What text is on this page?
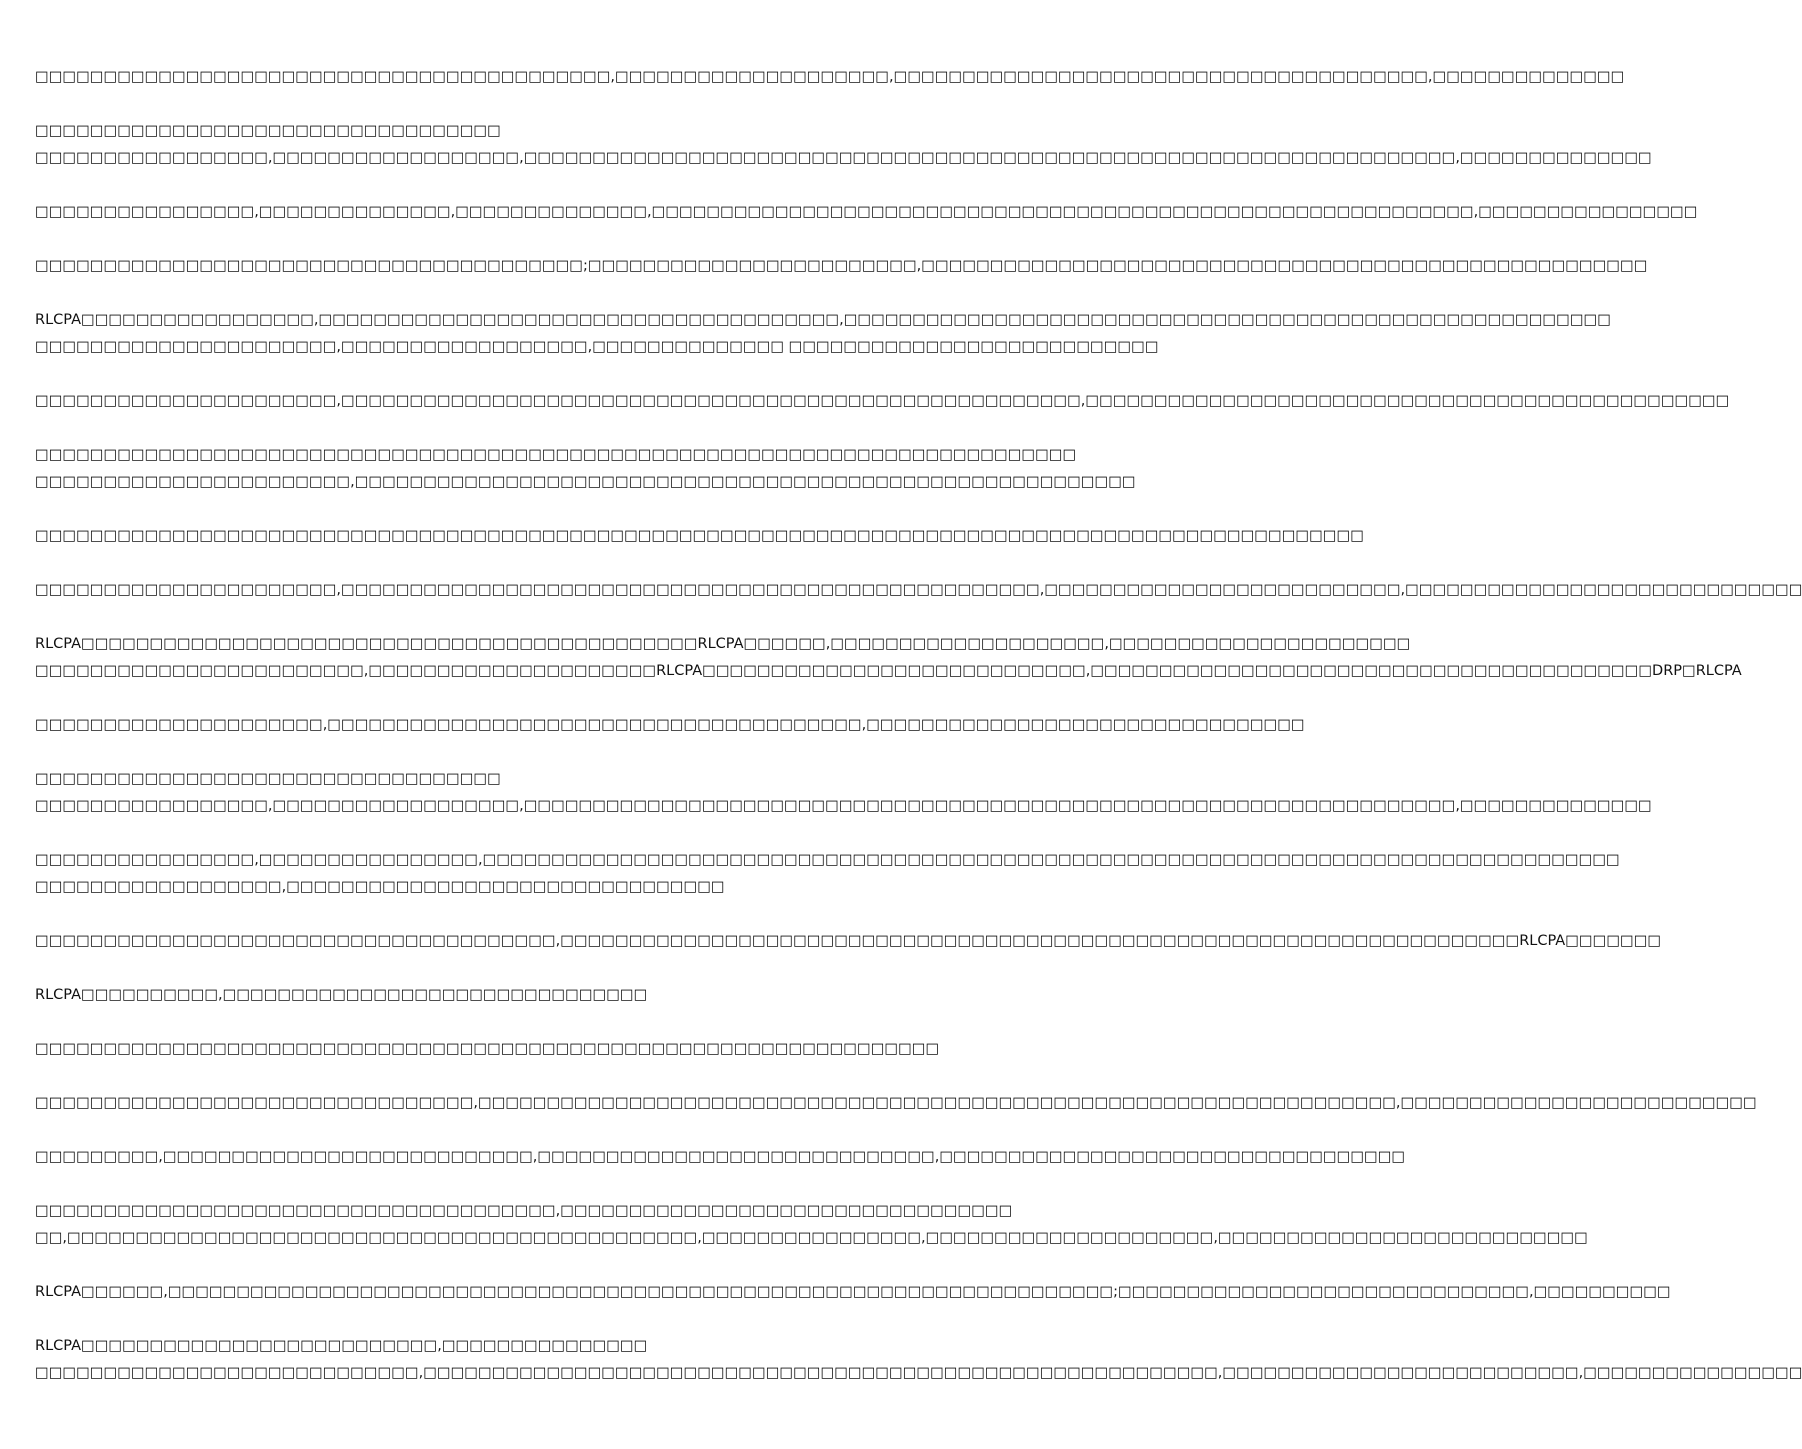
□□□□□□□□□□□□□□□□□□□□□□□□□□□□□□□□□□□□□□□□□□,□□□□□□□□□□□□□□□□□□□□,□□□□□□□□□□□□□□□□□□□□□□□□□□□□□□□□□□□□□□□,□□□□□□□□□□□□□□
□□□□□□□□□□□□□□□□□□□□□□□□□□□□□□□□□□
□□□□□□□□□□□□□□□□□,□□□□□□□□□□□□□□□□□□,□□□□□□□□□□□□□□□□□□□□□□□□□□□□□□□□□□□□□□□□□□□□□□□□□□□□□□□□□□□□□□□□□□□□,□□□□□□□□□□□□□□
□□□□□□□□□□□□□□□□,□□□□□□□□□□□□□□,□□□□□□□□□□□□□□,□□□□□□□□□□□□□□□□□□□□□□□□□□□□□□□□□□□□□□□□□□□□□□□□□□□□□□□□□□□□,□□□□□□□□□□□□□□□□
□□□□□□□□□□□□□□□□□□□□□□□□□□□□□□□□□□□□□□□□;□□□□□□□□□□□□□□□□□□□□□□□□,□□□□□□□□□□□□□□□□□□□□□□□□□□□□□□□□□□□□□□□□□□□□□□□□□□□□□
RLCPA□□□□□□□□□□□□□□□□□,□□□□□□□□□□□□□□□□□□□□□□□□□□□□□□□□□□□□□□,□□□□□□□□□□□□□□□□□□□□□□□□□□□□□□□□□□□□□□□□□□□□□□□□□□□□□□□□
□□□□□□□□□□□□□□□□□□□□□□,□□□□□□□□□□□□□□□□□□,□□□□□□□□□□□□□□ □□□□□□□□□□□□□□□□□□□□□□□□□□□
□□□□□□□□□□□□□□□□□□□□□□,□□□□□□□□□□□□□□□□□□□□□□□□□□□□□□□□□□□□□□□□□□□□□□□□□□□□□□,□□□□□□□□□□□□□□□□□□□□□□□□□□□□□□□□□□□□□□□□□□□□□□□
□□□□□□□□□□□□□□□□□□□□□□□□□□□□□□□□□□□□□□□□□□□□□□□□□□□□□□□□□□□□□□□□□□□□□□□□□□□□
□□□□□□□□□□□□□□□□□□□□□□□,□□□□□□□□□□□□□□□□□□□□□□□□□□□□□□□□□□□□□□□□□□□□□□□□□□□□□□□□□
□□□□□□□□□□□□□□□□□□□□□□□□□□□□□□□□□□□□□□□□□□□□□□□□□□□□□□□□□□□□□□□□□□□□□□□□□□□□□□□□□□□□□□□□□□□□□□□□□
□□□□□□□□□□□□□□□□□□□□□□,□□□□□□□□□□□□□□□□□□□□□□□□□□□□□□□□□□□□□□□□□□□□□□□□□□□,□□□□□□□□□□□□□□□□□□□□□□□□□□,□□□□□□□□□□□□□□□□□□□□□□□□□□□□□
RLCPA□□□□□□□□□□□□□□□□□□□□□□□□□□□□□□□□□□□□□□□□□□□□□RLCPA□□□□□□,□□□□□□□□□□□□□□□□□□□□,□□□□□□□□□□□□□□□□□□□□□□
□□□□□□□□□□□□□□□□□□□□□□□□,□□□□□□□□□□□□□□□□□□□□□RLCPA□□□□□□□□□□□□□□□□□□□□□□□□□□□□,□□□□□□□□□□□□□□□□□□□□□□□□□□□□□□□□□□□□□□□□□DRP□RLCPA
□□□□□□□□□□□□□□□□□□□□□,□□□□□□□□□□□□□□□□□□□□□□□□□□□□□□□□□□□□□□□,□□□□□□□□□□□□□□□□□□□□□□□□□□□□□□□□
□□□□□□□□□□□□□□□□□□□□□□□□□□□□□□□□□□
□□□□□□□□□□□□□□□□□,□□□□□□□□□□□□□□□□□□,□□□□□□□□□□□□□□□□□□□□□□□□□□□□□□□□□□□□□□□□□□□□□□□□□□□□□□□□□□□□□□□□□□□□,□□□□□□□□□□□□□□
□□□□□□□□□□□□□□□□,□□□□□□□□□□□□□□□□,□□□□□□□□□□□□□□□□□□□□□□□□□□□□□□□□□□□□□□□□□□□□□□□□□□□□□□□□□□□□□□□□□□□□□□□□□□□□□□□□□□□
□□□□□□□□□□□□□□□□□□,□□□□□□□□□□□□□□□□□□□□□□□□□□□□□□□□
□□□□□□□□□□□□□□□□□□□□□□□□□□□□□□□□□□□□□□,□□□□□□□□□□□□□□□□□□□□□□□□□□□□□□□□□□□□□□□□□□□□□□□□□□□□□□□□□□□□□□□□□□□□□□RLCPA□□□□□□□
RLCPA□□□□□□□□□□,□□□□□□□□□□□□□□□□□□□□□□□□□□□□□□□
□□□□□□□□□□□□□□□□□□□□□□□□□□□□□□□□□□□□□□□□□□□□□□□□□□□□□□□□□□□□□□□□□□
□□□□□□□□□□□□□□□□□□□□□□□□□□□□□□□□,□□□□□□□□□□□□□□□□□□□□□□□□□□□□□□□□□□□□□□□□□□□□□□□□□□□□□□□□□□□□□□□□□□□,□□□□□□□□□□□□□□□□□□□□□□□□□□
□□□□□□□□□,□□□□□□□□□□□□□□□□□□□□□□□□□□□,□□□□□□□□□□□□□□□□□□□□□□□□□□□□□,□□□□□□□□□□□□□□□□□□□□□□□□□□□□□□□□□□
□□□□□□□□□□□□□□□□□□□□□□□□□□□□□□□□□□□□□□,□□□□□□□□□□□□□□□□□□□□□□□□□□□□□□□□□
□□,□□□□□□□□□□□□□□□□□□□□□□□□□□□□□□□□□□□□□□□□□□□□□□,□□□□□□□□□□□□□□□□,□□□□□□□□□□□□□□□□□□□□□,□□□□□□□□□□□□□□□□□□□□□□□□□□□
RLCPA□□□□□□,□□□□□□□□□□□□□□□□□□□□□□□□□□□□□□□□□□□□□□□□□□□□□□□□□□□□□□□□□□□□□□□□□□□□□;□□□□□□□□□□□□□□□□□□□□□□□□□□□□□□,□□□□□□□□□□
RLCPA□□□□□□□□□□□□□□□□□□□□□□□□□□,□□□□□□□□□□□□□□□
□□□□□□□□□□□□□□□□□□□□□□□□□□□□,□□□□□□□□□□□□□□□□□□□□□□□□□□□□□□□□□□□□□□□□□□□□□□□□□□□□□□□□□□,□□□□□□□□□□□□□□□□□□□□□□□□□□,□□□□□□□□□□□□□□□□
